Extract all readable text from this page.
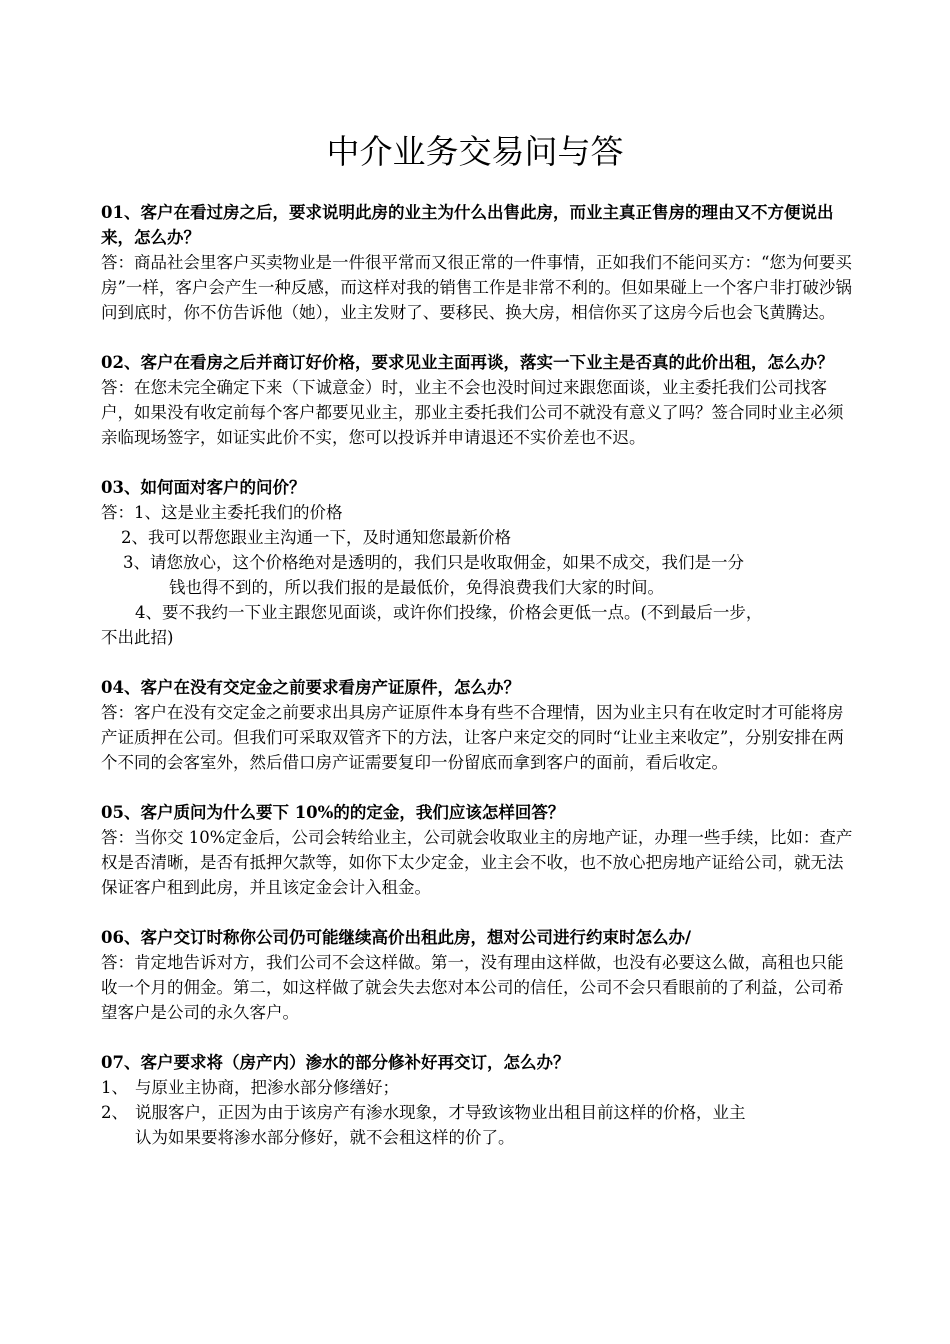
中介业务交易问与答

01、客户在看过房之后，要求说明此房的业主为什么出售此房，而业主真正售房的理由又不方便说出来，怎么办？

答：商品社会里客户买卖物业是一件很平常而又很正常的一件事情，正如我们不能问买方：“您为何要买房”一样，客户会产生一种反感，而这样对我的销售工作是非常不利的。但如果碰上一个客户非打破沙锅问到底时，你不仿告诉他（她），业主发财了、要移民、换大房，相信你买了这房今后也会飞黄腾达。

02、客户在看房之后并商订好价格，要求见业主面再谈，落实一下业主是否真的此价出租，怎么办？

答：在您未完全确定下来（下诚意金）时，业主不会也没时间过来跟您面谈，业主委托我们公司找客户，如果没有收定前每个客户都要见业主，那业主委托我们公司不就没有意义了吗？签合同时业主必须亲临现场签字，如证实此价不实，您可以投诉并申请退还不实价差也不迟。

03、如何面对客户的问价？

答：1、这是业主委托我们的价格

2、我可以帮您跟业主沟通一下，及时通知您最新价格

3、请您放心，这个价格绝对是透明的，我们只是收取佣金，如果不成交，我们是一分

钱也得不到的，所以我们报的是最低价，免得浪费我们大家的时间。

4、要不我约一下业主跟您见面谈，或许你们投缘，价格会更低一点。(不到最后一步，

不出此招)

04、客户在没有交定金之前要求看房产证原件，怎么办？

答：客户在没有交定金之前要求出具房产证原件本身有些不合理情，因为业主只有在收定时才可能将房产证质押在公司。但我们可采取双管齐下的方法，让客户来定交的同时“让业主来收定”，分别安排在两个不同的会客室外，然后借口房产证需要复印一份留底而拿到客户的面前，看后收定。

05、客户质问为什么要下 10%的的定金，我们应该怎样回答？

答：当你交 10%定金后，公司会转给业主，公司就会收取业主的房地产证，办理一些手续，比如：查产权是否清晰，是否有抵押欠款等，如你下太少定金，业主会不收，也不放心把房地产证给公司，就无法保证客户租到此房，并且该定金会计入租金。

06、客户交订时称你公司仍可能继续高价出租此房，想对公司进行约束时怎么办/

答：肯定地告诉对方，我们公司不会这样做。第一，没有理由这样做，也没有必要这么做，高租也只能收一个月的佣金。第二，如这样做了就会失去您对本公司的信任，公司不会只看眼前的了利益，公司希望客户是公司的永久客户。

07、客户要求将（房产内）渗水的部分修补好再交订，怎么办？

1、 与原业主协商，把渗水部分修缮好；

2、 说服客户，正因为由于该房产有渗水现象，才导致该物业出租目前这样的价格，业主

认为如果要将渗水部分修好，就不会租这样的价了。
